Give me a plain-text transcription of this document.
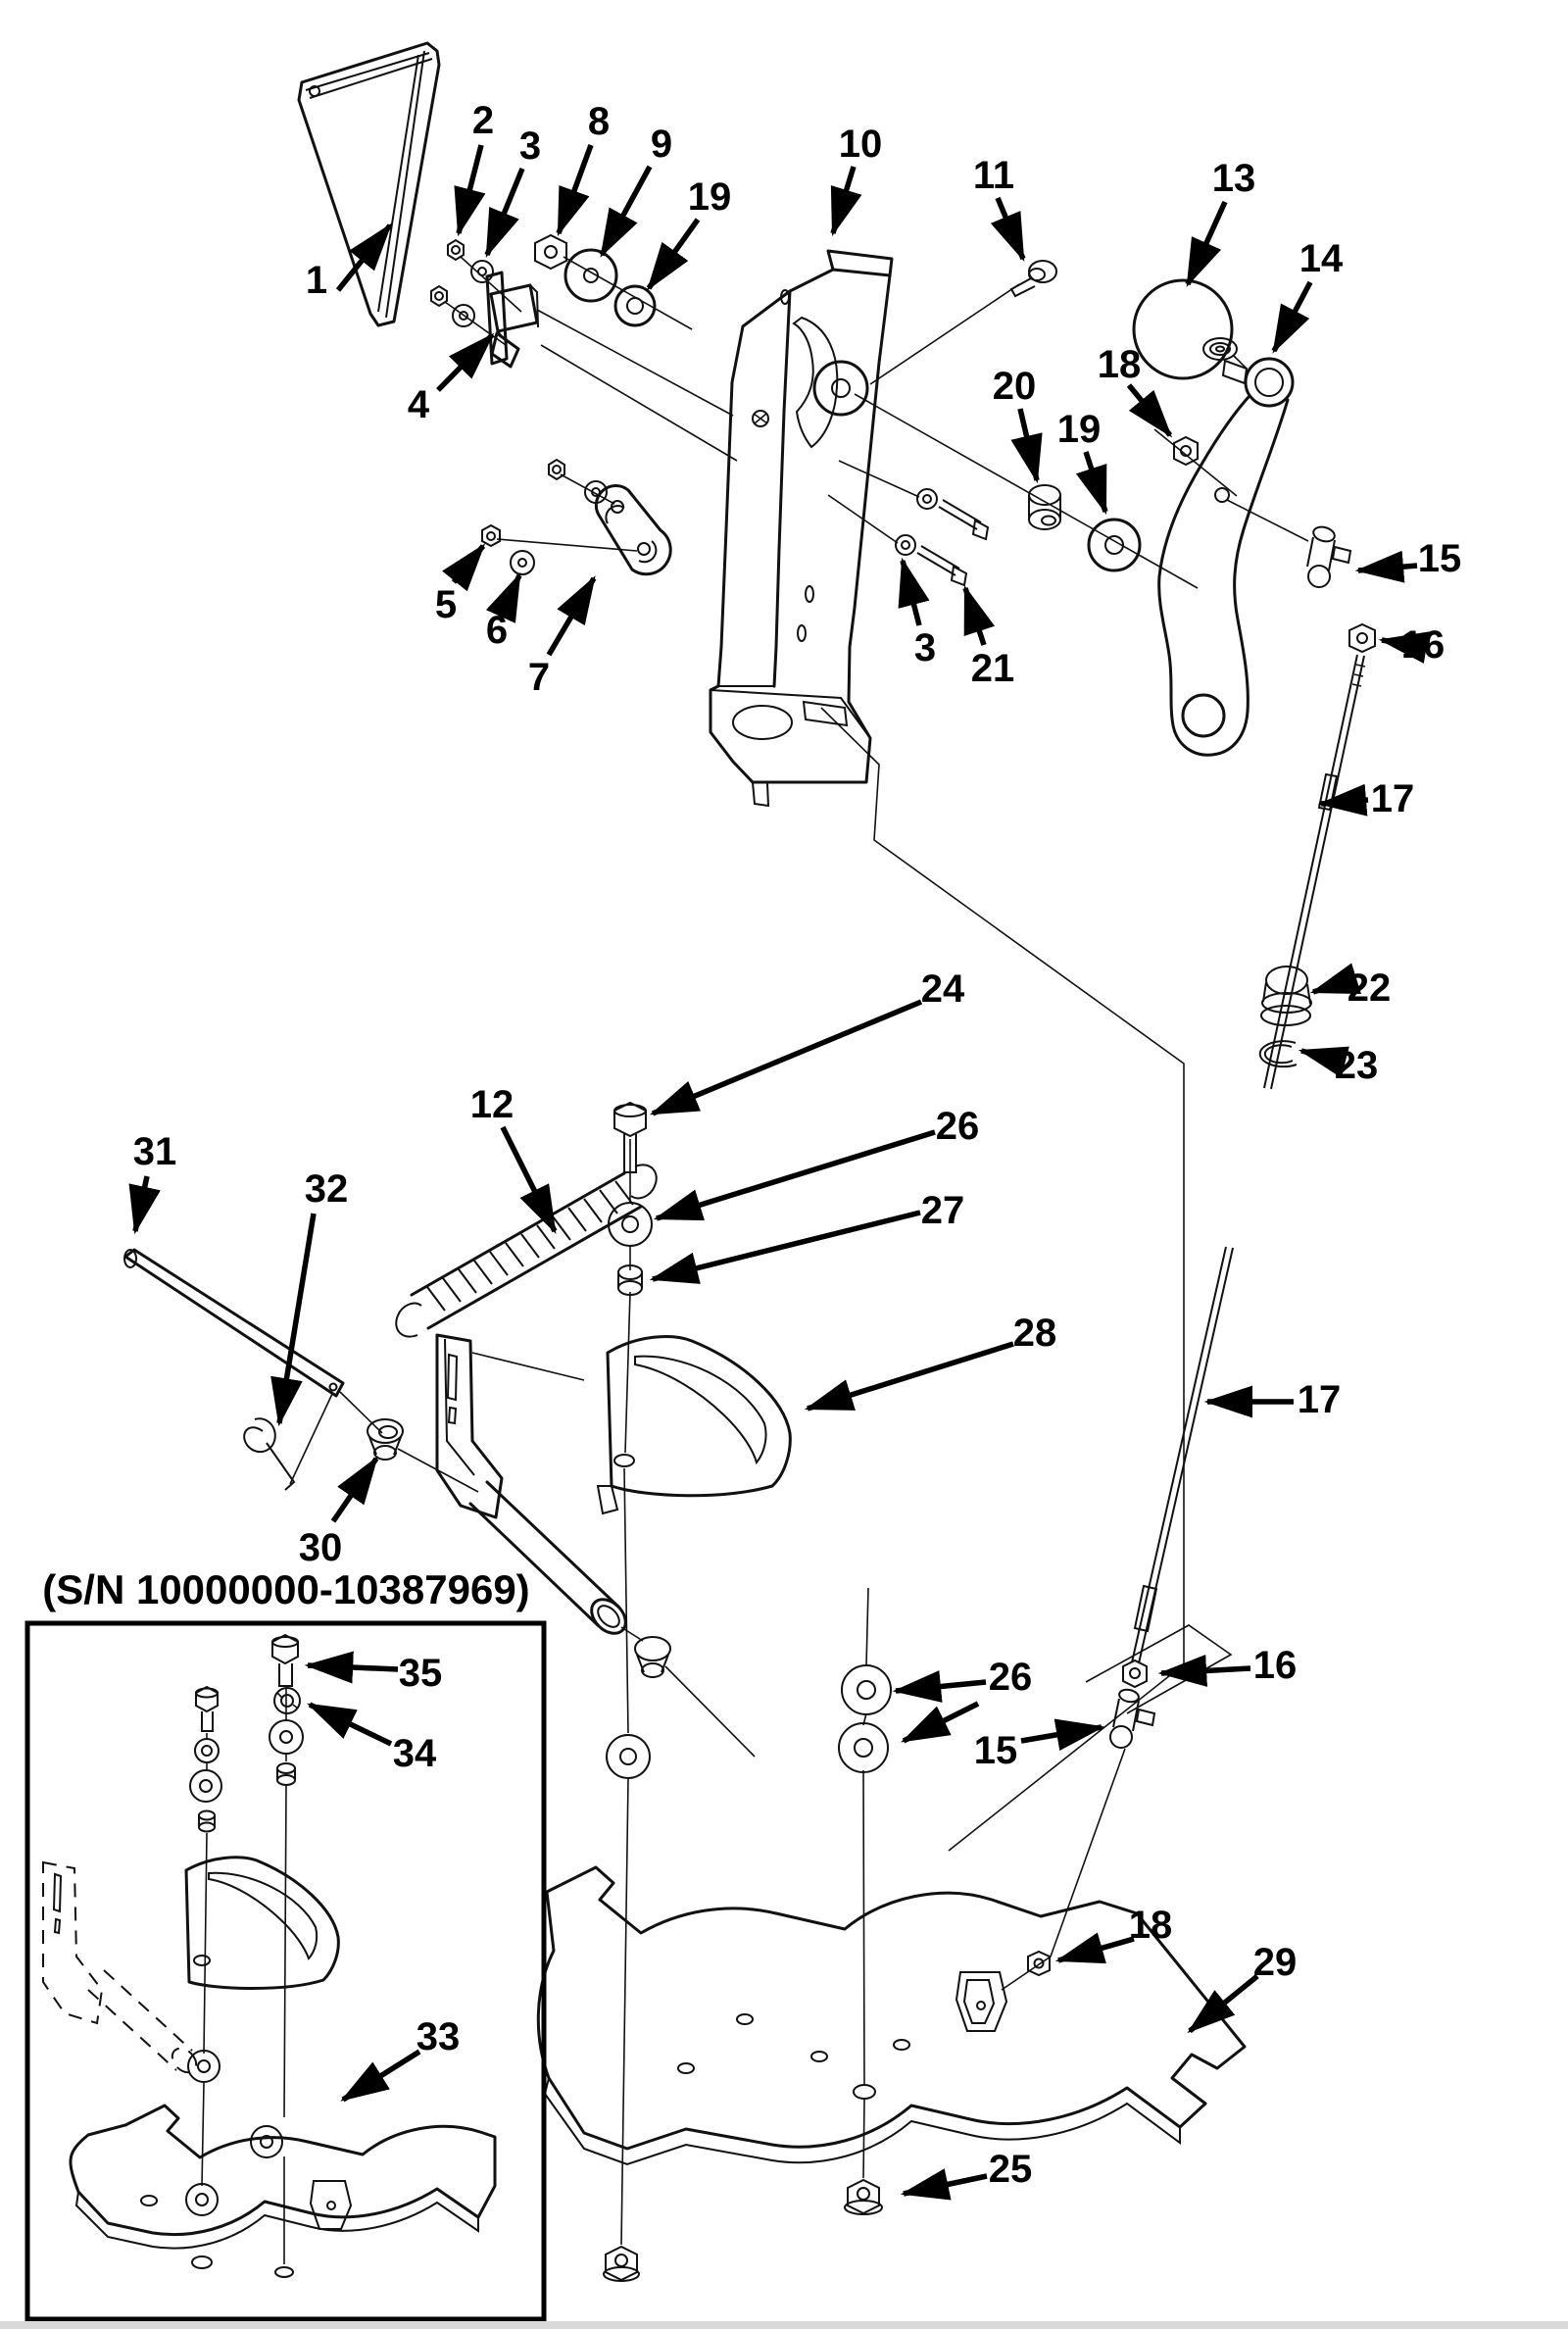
(S/N 10000000-10387969)
1
2
3
8
9
19
10
11	13
14
18
20
19
15
16
4
5
6
7
3 21
17
22
23
24
26
27
12
31
32
30
28
17
26	16
15
18
29
25
35
34
33
